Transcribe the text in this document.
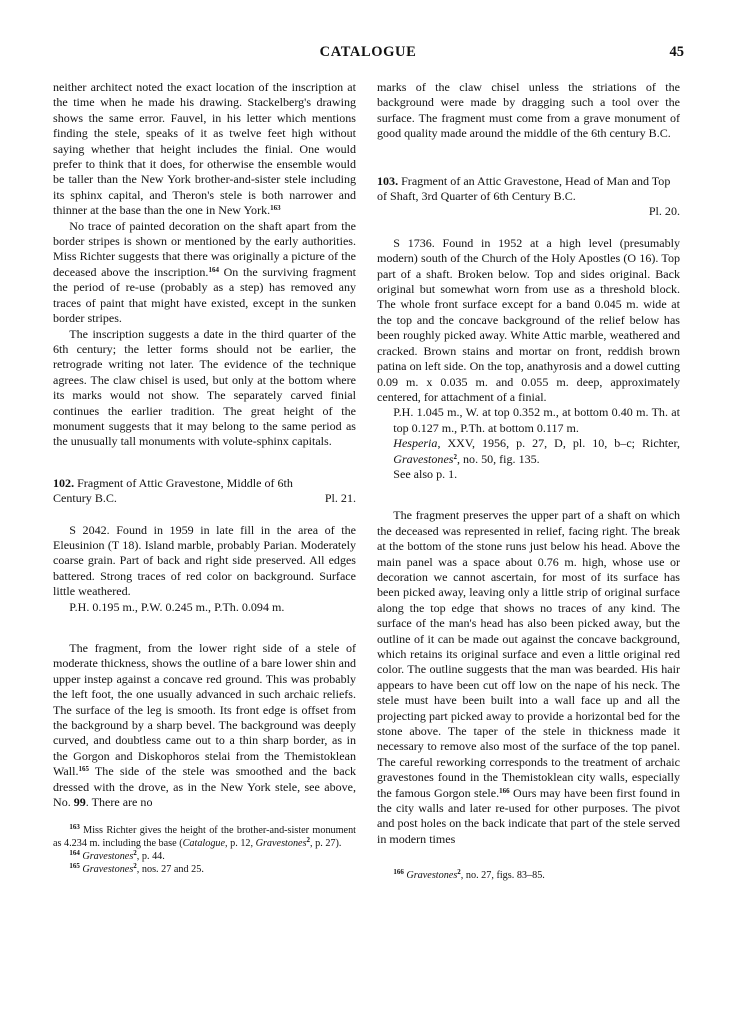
CATALOGUE	45

neither architect noted the exact location of the inscription at the time when he made his drawing. Stackelberg's drawing shows the same error. Fauvel, in his letter which mentions finding the stele, speaks of it as twelve feet high without saying whether that height includes the finial. One would prefer to think that it does, for otherwise the ensemble would be taller than the New York brother-and-sister stele including its sphinx capital, and Theron's stele is both narrower and thinner at the base than the one in New York.$^{163}$

No trace of painted decoration on the shaft apart from the border stripes is shown or mentioned by the early authorities. Miss Richter suggests that there was originally a picture of the deceased above the inscription.$^{164}$ On the surviving fragment the period of re-use (probably as a step) has removed any traces of paint that might have existed, except in the sunken border stripes.

The inscription suggests a date in the third quarter of the 6th century; the letter forms should not be earlier, the retrograde writing not later. The evidence of the technique agrees. The claw chisel is used, but only at the bottom where its marks would not show. The separately carved finial continues the earlier tradition. The great height of the monument suggests that it may belong to the same period as the unusually tall monuments with volute-sphinx capitals.

102. Fragment of Attic Gravestone, Middle of 6th

Century B.C.	Pl. 21.

S 2042. Found in 1959 in late fill in the area of the Eleusinion (T 18). Island marble, probably Parian. Moderately coarse grain. Part of back and right side preserved. All edges battered. Strong traces of red color on background. Surface little weathered.

P.H. 0.195 m., P.W. 0.245 m., P.Th. 0.094 m.

The fragment, from the lower right side of a stele of moderate thickness, shows the outline of a bare lower shin and upper instep against a concave red ground. This was probably the left foot, the one usually advanced in such archaic reliefs. The surface of the leg is smooth. Its front edge is offset from the background by a sharp bevel. The background was deeply curved, and doubtless came out to a thin sharp border, as in the Gorgon and Diskophoros stelai from the Themistoklean Wall.$^{165}$ The side of the stele was smoothed and the back dressed with the drove, as in the New York stele, see above, No. 99. There are no

$^{163}$ Miss Richter gives the height of the brother-and-sister monument as 4.234 m. including the base (Catalogue, p. 12, Gravestones$^2$, p. 27).

$^{164}$ Gravestones$^2$, p. 44.

$^{165}$ Gravestones$^2$, nos. 27 and 25.

marks of the claw chisel unless the striations of the background were made by dragging such a tool over the surface. The fragment must come from a grave monument of good quality made around the middle of the 6th century B.C.

103. Fragment of an Attic Gravestone, Head of Man and Top of Shaft, 3rd Quarter of 6th Century B.C.

Pl. 20.

S 1736. Found in 1952 at a high level (presumably modern) south of the Church of the Holy Apostles (O 16). Top part of a shaft. Broken below. Top and sides original. Back original but somewhat worn from use as a threshold block. The whole front surface except for a band 0.045 m. wide at the top and the concave background of the relief below has been roughly picked away. White Attic marble, weathered and cracked. Brown stains and mortar on front, reddish brown patina on left side. On the top, anathyrosis and a dowel cutting 0.09 m. x 0.035 m. and 0.055 m. deep, approximately centered, for attachment of a finial.

P.H. 1.045 m., W. at top 0.352 m., at bottom 0.40 m. Th. at top 0.127 m., P.Th. at bottom 0.117 m.

Hesperia, XXV, 1956, p. 27, D, pl. 10, b–c; Richter, Gravestones$^2$, no. 50, fig. 135.

See also p. 1.

The fragment preserves the upper part of a shaft on which the deceased was represented in relief, facing right. The break at the bottom of the stone runs just below his head. Above the main panel was a space about 0.76 m. high, whose use or decoration we cannot ascertain, for most of its surface has been picked away, leaving only a little strip of original surface along the top edge that shows no traces of any kind. The surface of the man's head has also been picked away, but the outline of it can be made out against the concave background, which retains its original surface and even a little original red color. The outline suggests that the man was bearded. His hair appears to have been cut off low on the nape of his neck. The stele must have been built into a wall face up and all the projecting part picked away to provide a horizontal bed for the stone above. The taper of the stele in thickness made it necessary to remove also most of the surface of the top panel. The careful reworking corresponds to the treatment of archaic gravestones found in the Themistoklean city walls, especially the famous Gorgon stele.$^{166}$ Ours may have been first found in the city walls and later re-used for other purposes. The pivot and post holes on the back indicate that part of the stele served in modern times

$^{166}$ Gravestones$^2$, no. 27, figs. 83–85.
